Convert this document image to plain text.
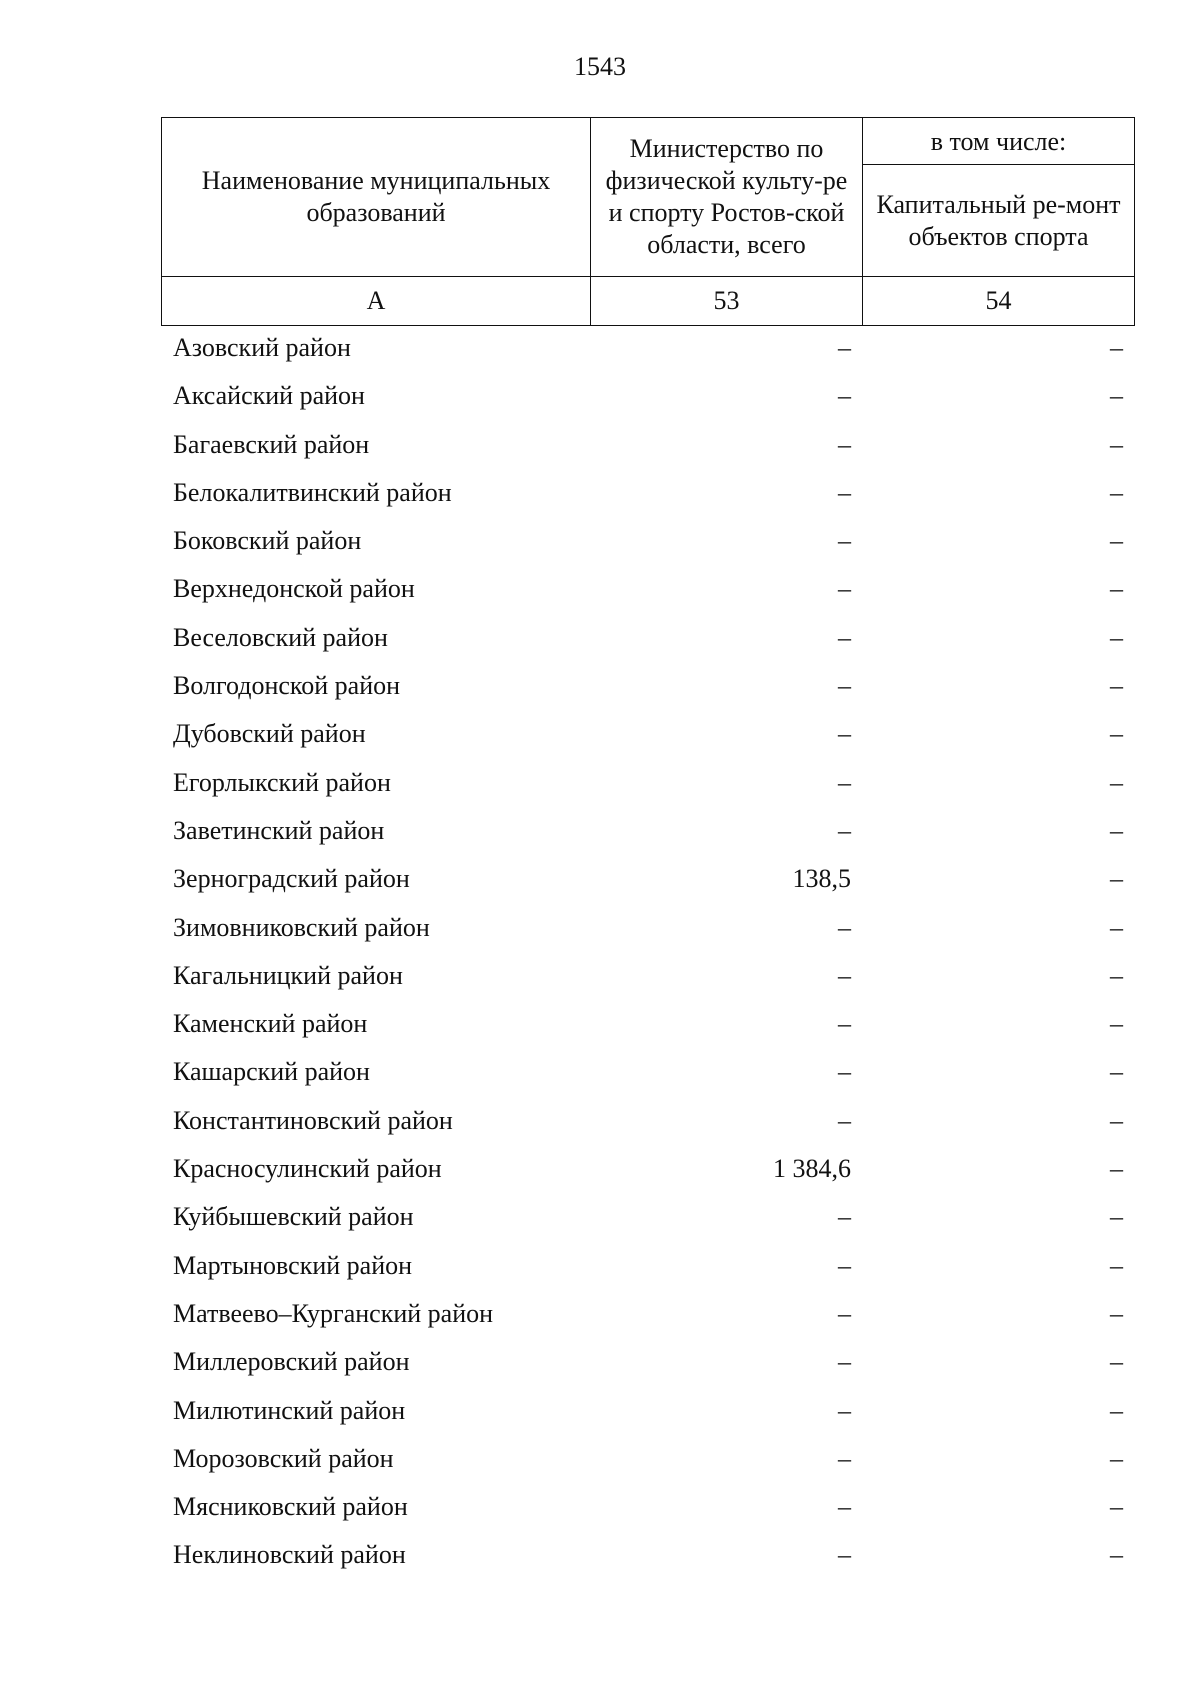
1543
Наименование муниципальных образований	Министерство по физической культу-ре и спорту Ростов-ской области, всего	в том числе:
		Капитальный ре-монт объектов спорта
А	53	54
Азовский район	–	–
Аксайский район	–	–
Багаевский район	–	–
Белокалитвинский район	–	–
Боковский район	–	–
Верхнедонской район	–	–
Веселовский район	–	–
Волгодонской район	–	–
Дубовский район	–	–
Егорлыкский район	–	–
Заветинский район	–	–
Зерноградский район	138,5	–
Зимовниковский район	–	–
Кагальницкий район	–	–
Каменский район	–	–
Кашарский район	–	–
Константиновский район	–	–
Красносулинский район	1 384,6	–
Куйбышевский район	–	–
Мартыновский район	–	–
Матвеево–Курганский район	–	–
Миллеровский район	–	–
Милютинский район	–	–
Морозовский район	–	–
Мясниковский район	–	–
Неклиновский район	–	–
